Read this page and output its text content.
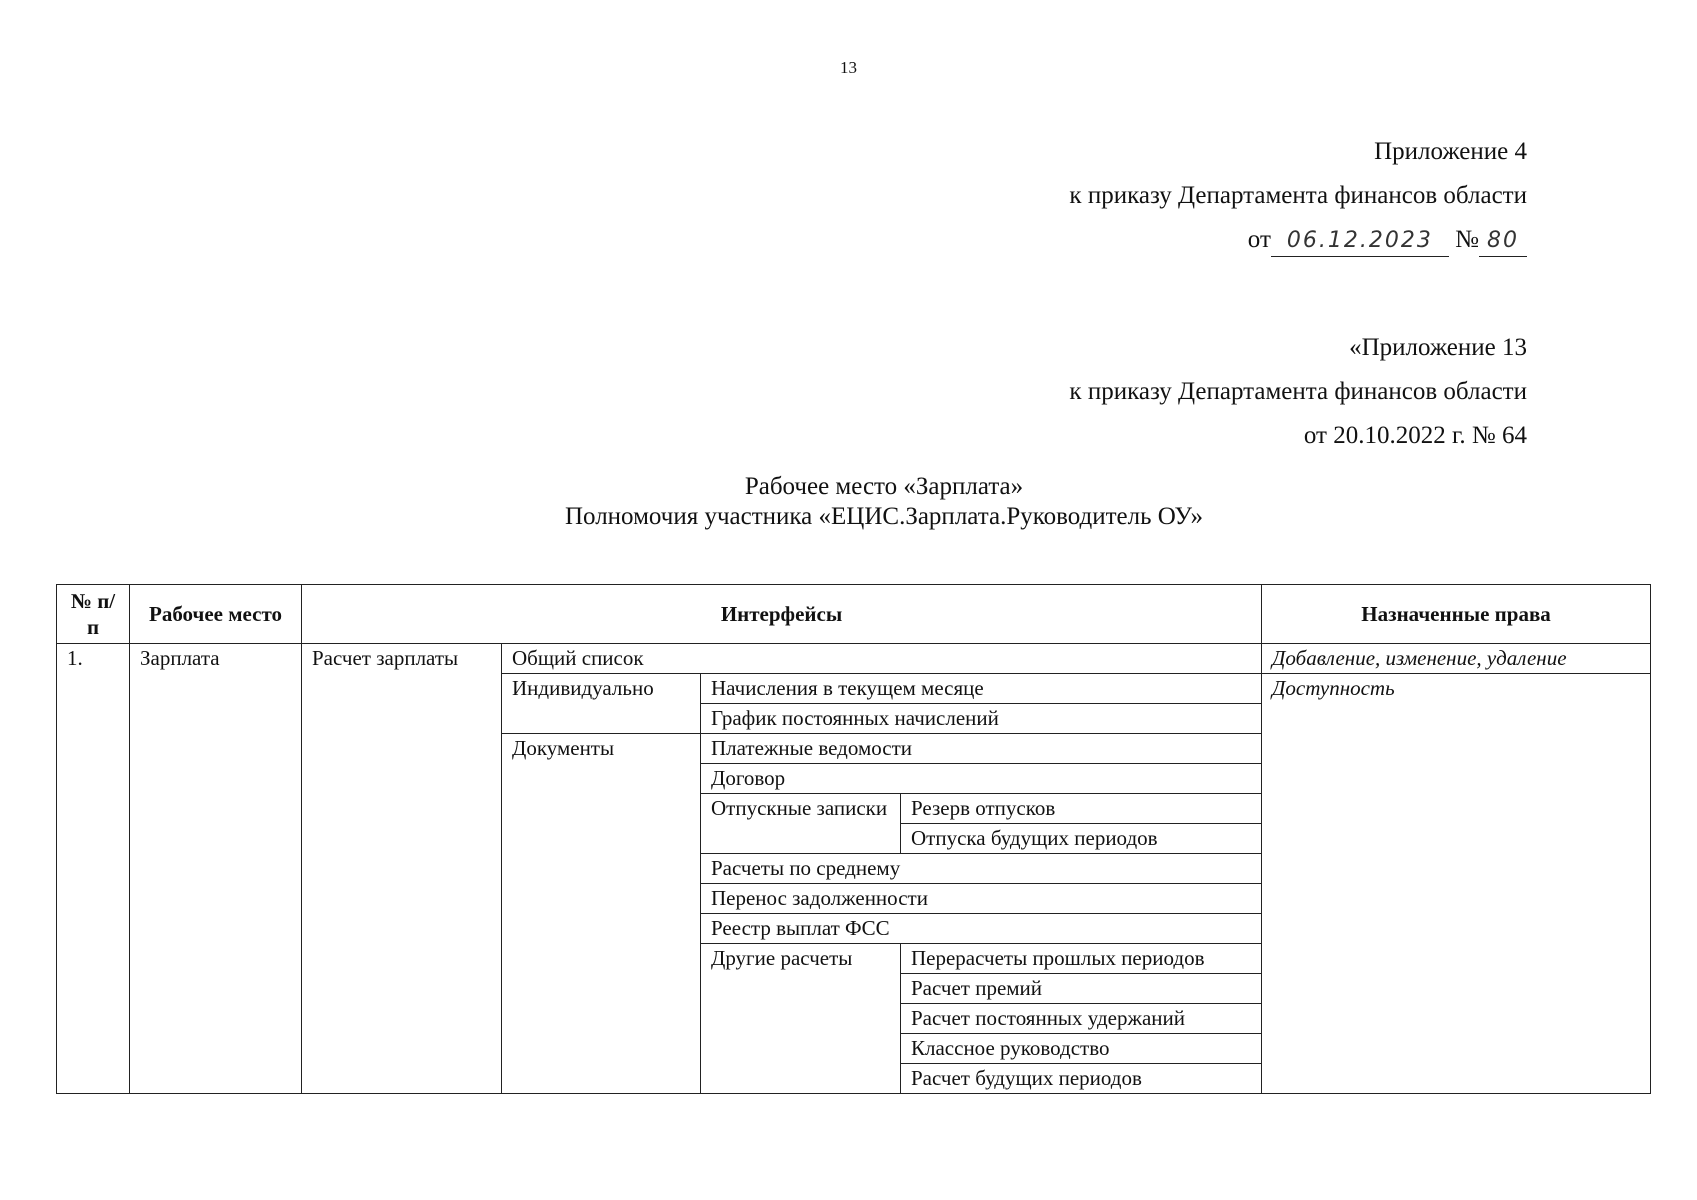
13
Приложение 4
к приказу Департамента финансов области
от 06.12.2023 № 80
«Приложение 13
к приказу Департамента финансов области
от 20.10.2022 г. № 64
Рабочее место «Зарплата»
Полномочия участника «ЕЦИС.Зарплата.Руководитель ОУ»
№ п/п	Рабочее место	Интерфейсы				Назначенные права
1.	Зарплата	Расчет зарплаты	Общий список			Добавление, изменение, удаление
			Индивидуально	Начисления в текущем месяце		Доступность
				График постоянных начислений		
			Документы	Платежные ведомости		
				Договор		
				Отпускные записки	Резерв отпусков	
					Отпуска будущих периодов	
				Расчеты по среднему		
				Перенос задолженности		
				Реестр выплат ФСС		
				Другие расчеты	Перерасчеты прошлых периодов	
					Расчет премий	
					Расчет постоянных удержаний	
					Классное руководство	
					Расчет будущих периодов	
